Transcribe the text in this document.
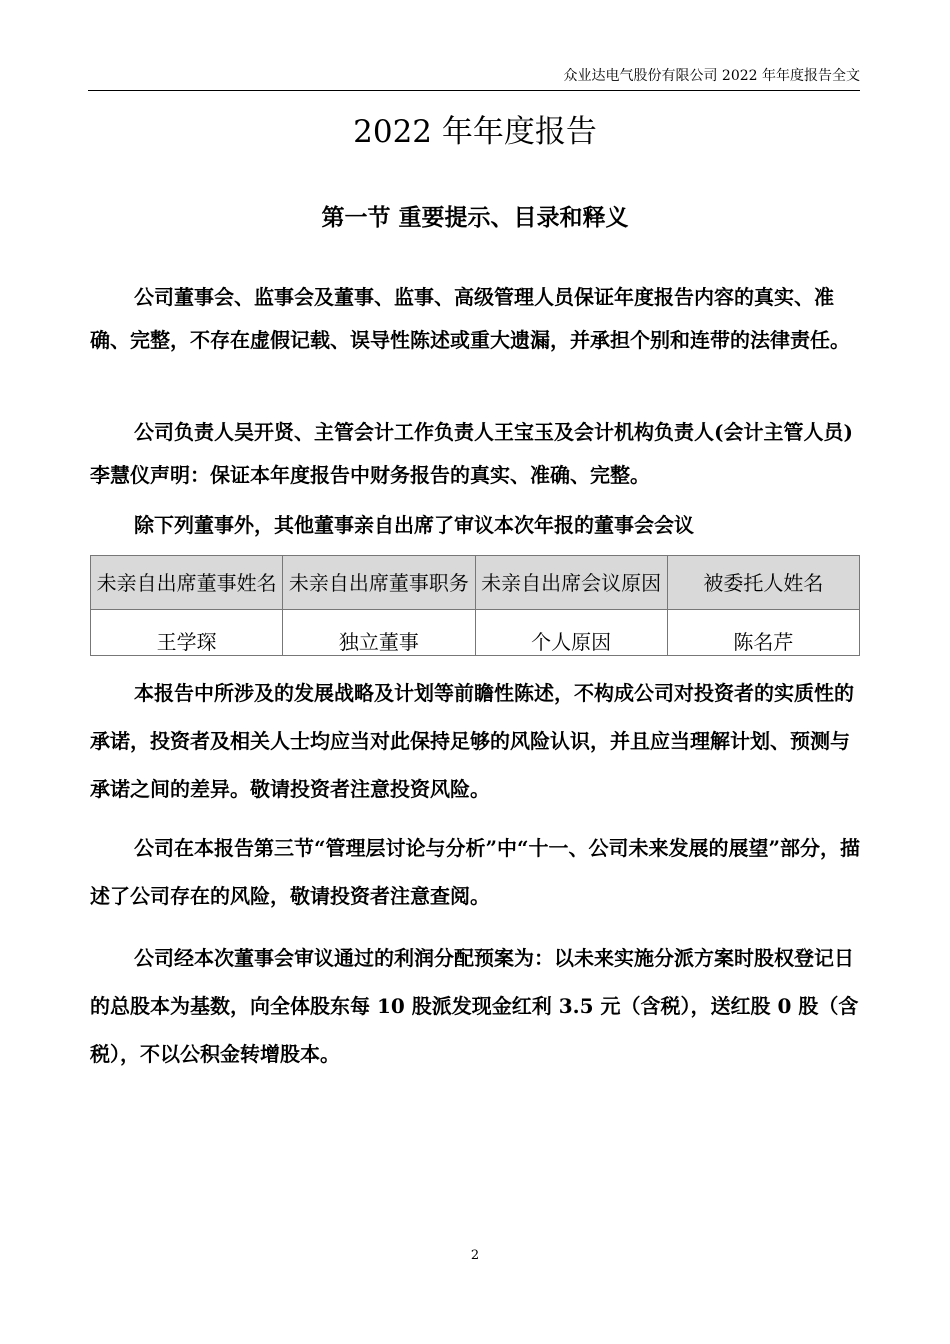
众业达电气股份有限公司 2022 年年度报告全文
2022 年年度报告
第一节 重要提示、目录和释义

公司董事会、监事会及董事、监事、高级管理人员保证年度报告内容的真实、准确、完整，不存在虚假记载、误导性陈述或重大遗漏，并承担个别和连带的法律责任。

公司负责人吴开贤、主管会计工作负责人王宝玉及会计机构负责人(会计主管人员)李慧仪声明：保证本年度报告中财务报告的真实、准确、完整。

除下列董事外，其他董事亲自出席了审议本次年报的董事会会议

未亲自出席董事姓名	未亲自出席董事职务	未亲自出席会议原因	被委托人姓名
王学琛	独立董事	个人原因	陈名芹

本报告中所涉及的发展战略及计划等前瞻性陈述，不构成公司对投资者的实质性的承诺，投资者及相关人士均应当对此保持足够的风险认识，并且应当理解计划、预测与承诺之间的差异。敬请投资者注意投资风险。

公司在本报告第三节“管理层讨论与分析”中“十一、公司未来发展的展望”部分，描述了公司存在的风险，敬请投资者注意查阅。

公司经本次董事会审议通过的利润分配预案为：以未来实施分派方案时股权登记日的总股本为基数，向全体股东每 10 股派发现金红利 3.5 元（含税），送红股 0 股（含税），不以公积金转增股本。

2
